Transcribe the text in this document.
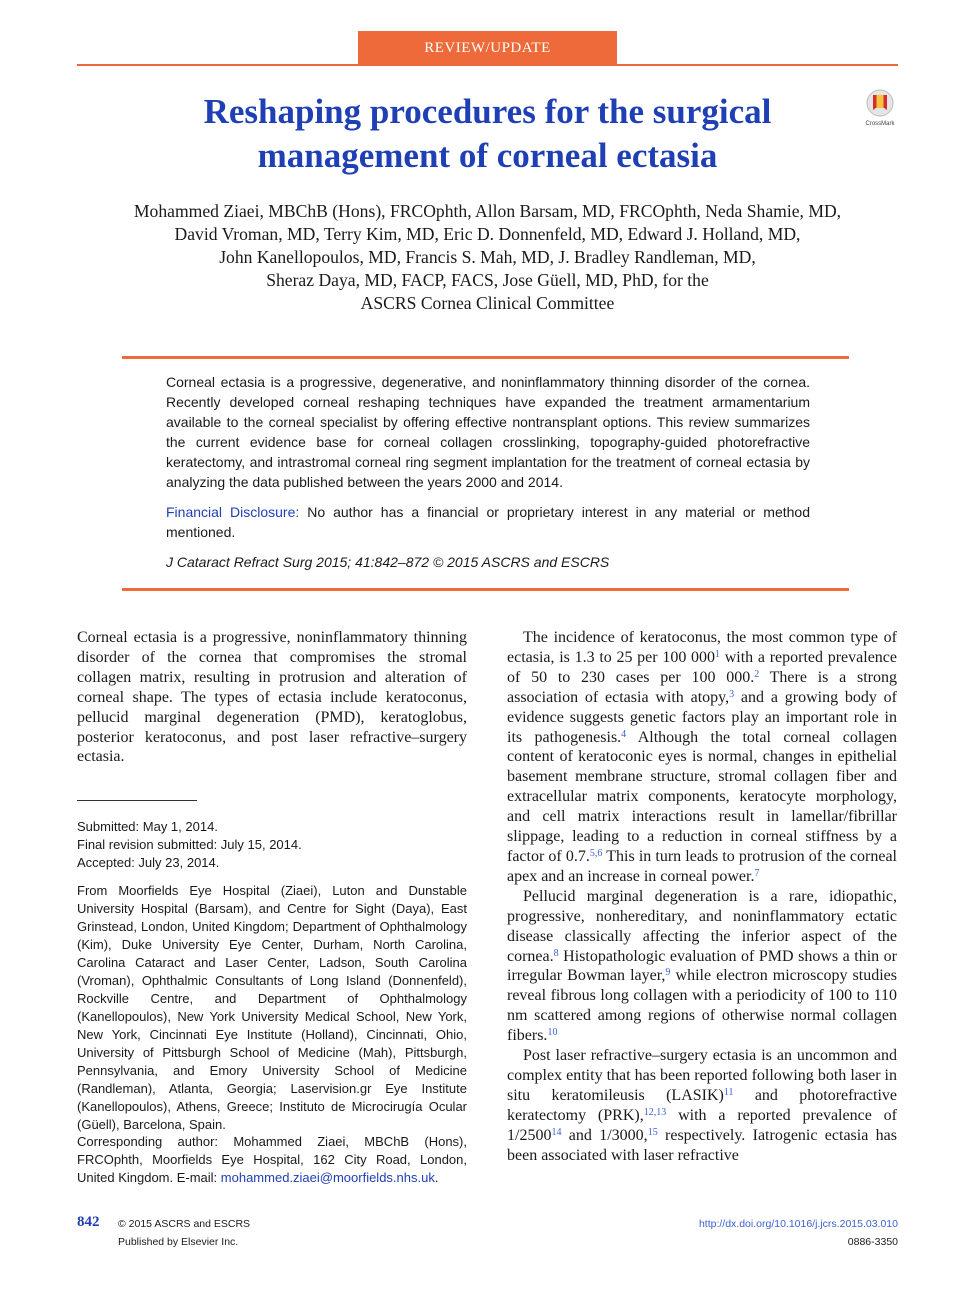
REVIEW/UPDATE
Reshaping procedures for the surgical
management of corneal ectasia
CrossMark
Mohammed Ziaei, MBChB (Hons), FRCOphth, Allon Barsam, MD, FRCOphth, Neda Shamie, MD,
David Vroman, MD, Terry Kim, MD, Eric D. Donnenfeld, MD, Edward J. Holland, MD,
John Kanellopoulos, MD, Francis S. Mah, MD, J. Bradley Randleman, MD,
Sheraz Daya, MD, FACP, FACS, Jose Güell, MD, PhD, for the
ASCRS Cornea Clinical Committee

Corneal ectasia is a progressive, degenerative, and noninflammatory thinning disorder of the cornea. Recently developed corneal reshaping techniques have expanded the treatment armamentarium available to the corneal specialist by offering effective nontransplant options. This review summarizes the current evidence base for corneal collagen crosslinking, topography-guided photorefractive keratectomy, and intrastromal corneal ring segment implantation for the treatment of corneal ectasia by analyzing the data published between the years 2000 and 2014.

Financial Disclosure: No author has a financial or proprietary interest in any material or method mentioned.

J Cataract Refract Surg 2015; 41:842–872 © 2015 ASCRS and ESCRS

Corneal ectasia is a progressive, noninflammatory thinning disorder of the cornea that compromises the stromal collagen matrix, resulting in protrusion and alteration of corneal shape. The types of ectasia include keratoconus, pellucid marginal degeneration (PMD), keratoglobus, posterior keratoconus, and post laser refractive–surgery ectasia.

Submitted: May 1, 2014.

Final revision submitted: July 15, 2014.

Accepted: July 23, 2014.

From Moorfields Eye Hospital (Ziaei), Luton and Dunstable University Hospital (Barsam), and Centre for Sight (Daya), East Grinstead, London, United Kingdom; Department of Ophthalmology (Kim), Duke University Eye Center, Durham, North Carolina, Carolina Cataract and Laser Center, Ladson, South Carolina (Vroman), Ophthalmic Consultants of Long Island (Donnenfeld), Rockville Centre, and Department of Ophthalmology (Kanellopoulos), New York University Medical School, New York, New York, Cincinnati Eye Institute (Holland), Cincinnati, Ohio, University of Pittsburgh School of Medicine (Mah), Pittsburgh, Pennsylvania, and Emory University School of Medicine (Randleman), Atlanta, Georgia; Laservision.gr Eye Institute (Kanellopoulos), Athens, Greece; Instituto de Microcirugía Ocular (Güell), Barcelona, Spain.
Corresponding author: Mohammed Ziaei, MBChB (Hons), FRCOphth, Moorfields Eye Hospital, 162 City Road, London, United Kingdom. E-mail: mohammed.ziaei@moorfields.nhs.uk.

The incidence of keratoconus, the most common type of ectasia, is 1.3 to 25 per 100 $000^1$ with a reported prevalence of 50 to 230 cases per 100 000.$^2$ There is a strong association of ectasia with atopy,$^3$ and a growing body of evidence suggests genetic factors play an important role in its pathogenesis.$^4$ Although the total corneal collagen content of keratoconic eyes is normal, changes in epithelial basement membrane structure, stromal collagen fiber and extracellular matrix components, keratocyte morphology, and cell matrix interactions result in lamellar/fibrillar slippage, leading to a reduction in corneal stiffness by a factor of 0.7.$^{5,6}$ This in turn leads to protrusion of the corneal apex and an increase in corneal power.$^7$

Pellucid marginal degeneration is a rare, idiopathic, progressive, nonhereditary, and noninflammatory ectatic disease classically affecting the inferior aspect of the cornea.$^8$ Histopathologic evaluation of PMD shows a thin or irregular Bowman layer,$^9$ while electron microscopy studies reveal fibrous long collagen with a periodicity of 100 to 110 nm scattered among regions of otherwise normal collagen fibers.$^{10}$

Post laser refractive–surgery ectasia is an uncommon and complex entity that has been reported following both laser in situ keratomileusis (LASIK)$^{11}$ and photorefractive keratectomy (PRK),$^{12,13}$ with a reported prevalence of 1/2500$^{14}$ and 1/3000,15 respectively. Iatrogenic ectasia has been associated with laser refractive

842 © 2015 ASCRS and ESCRS
Published by Elsevier Inc.
http://dx.doi.org/10.1016/j.jcrs.2015.03.010
0886-3350
